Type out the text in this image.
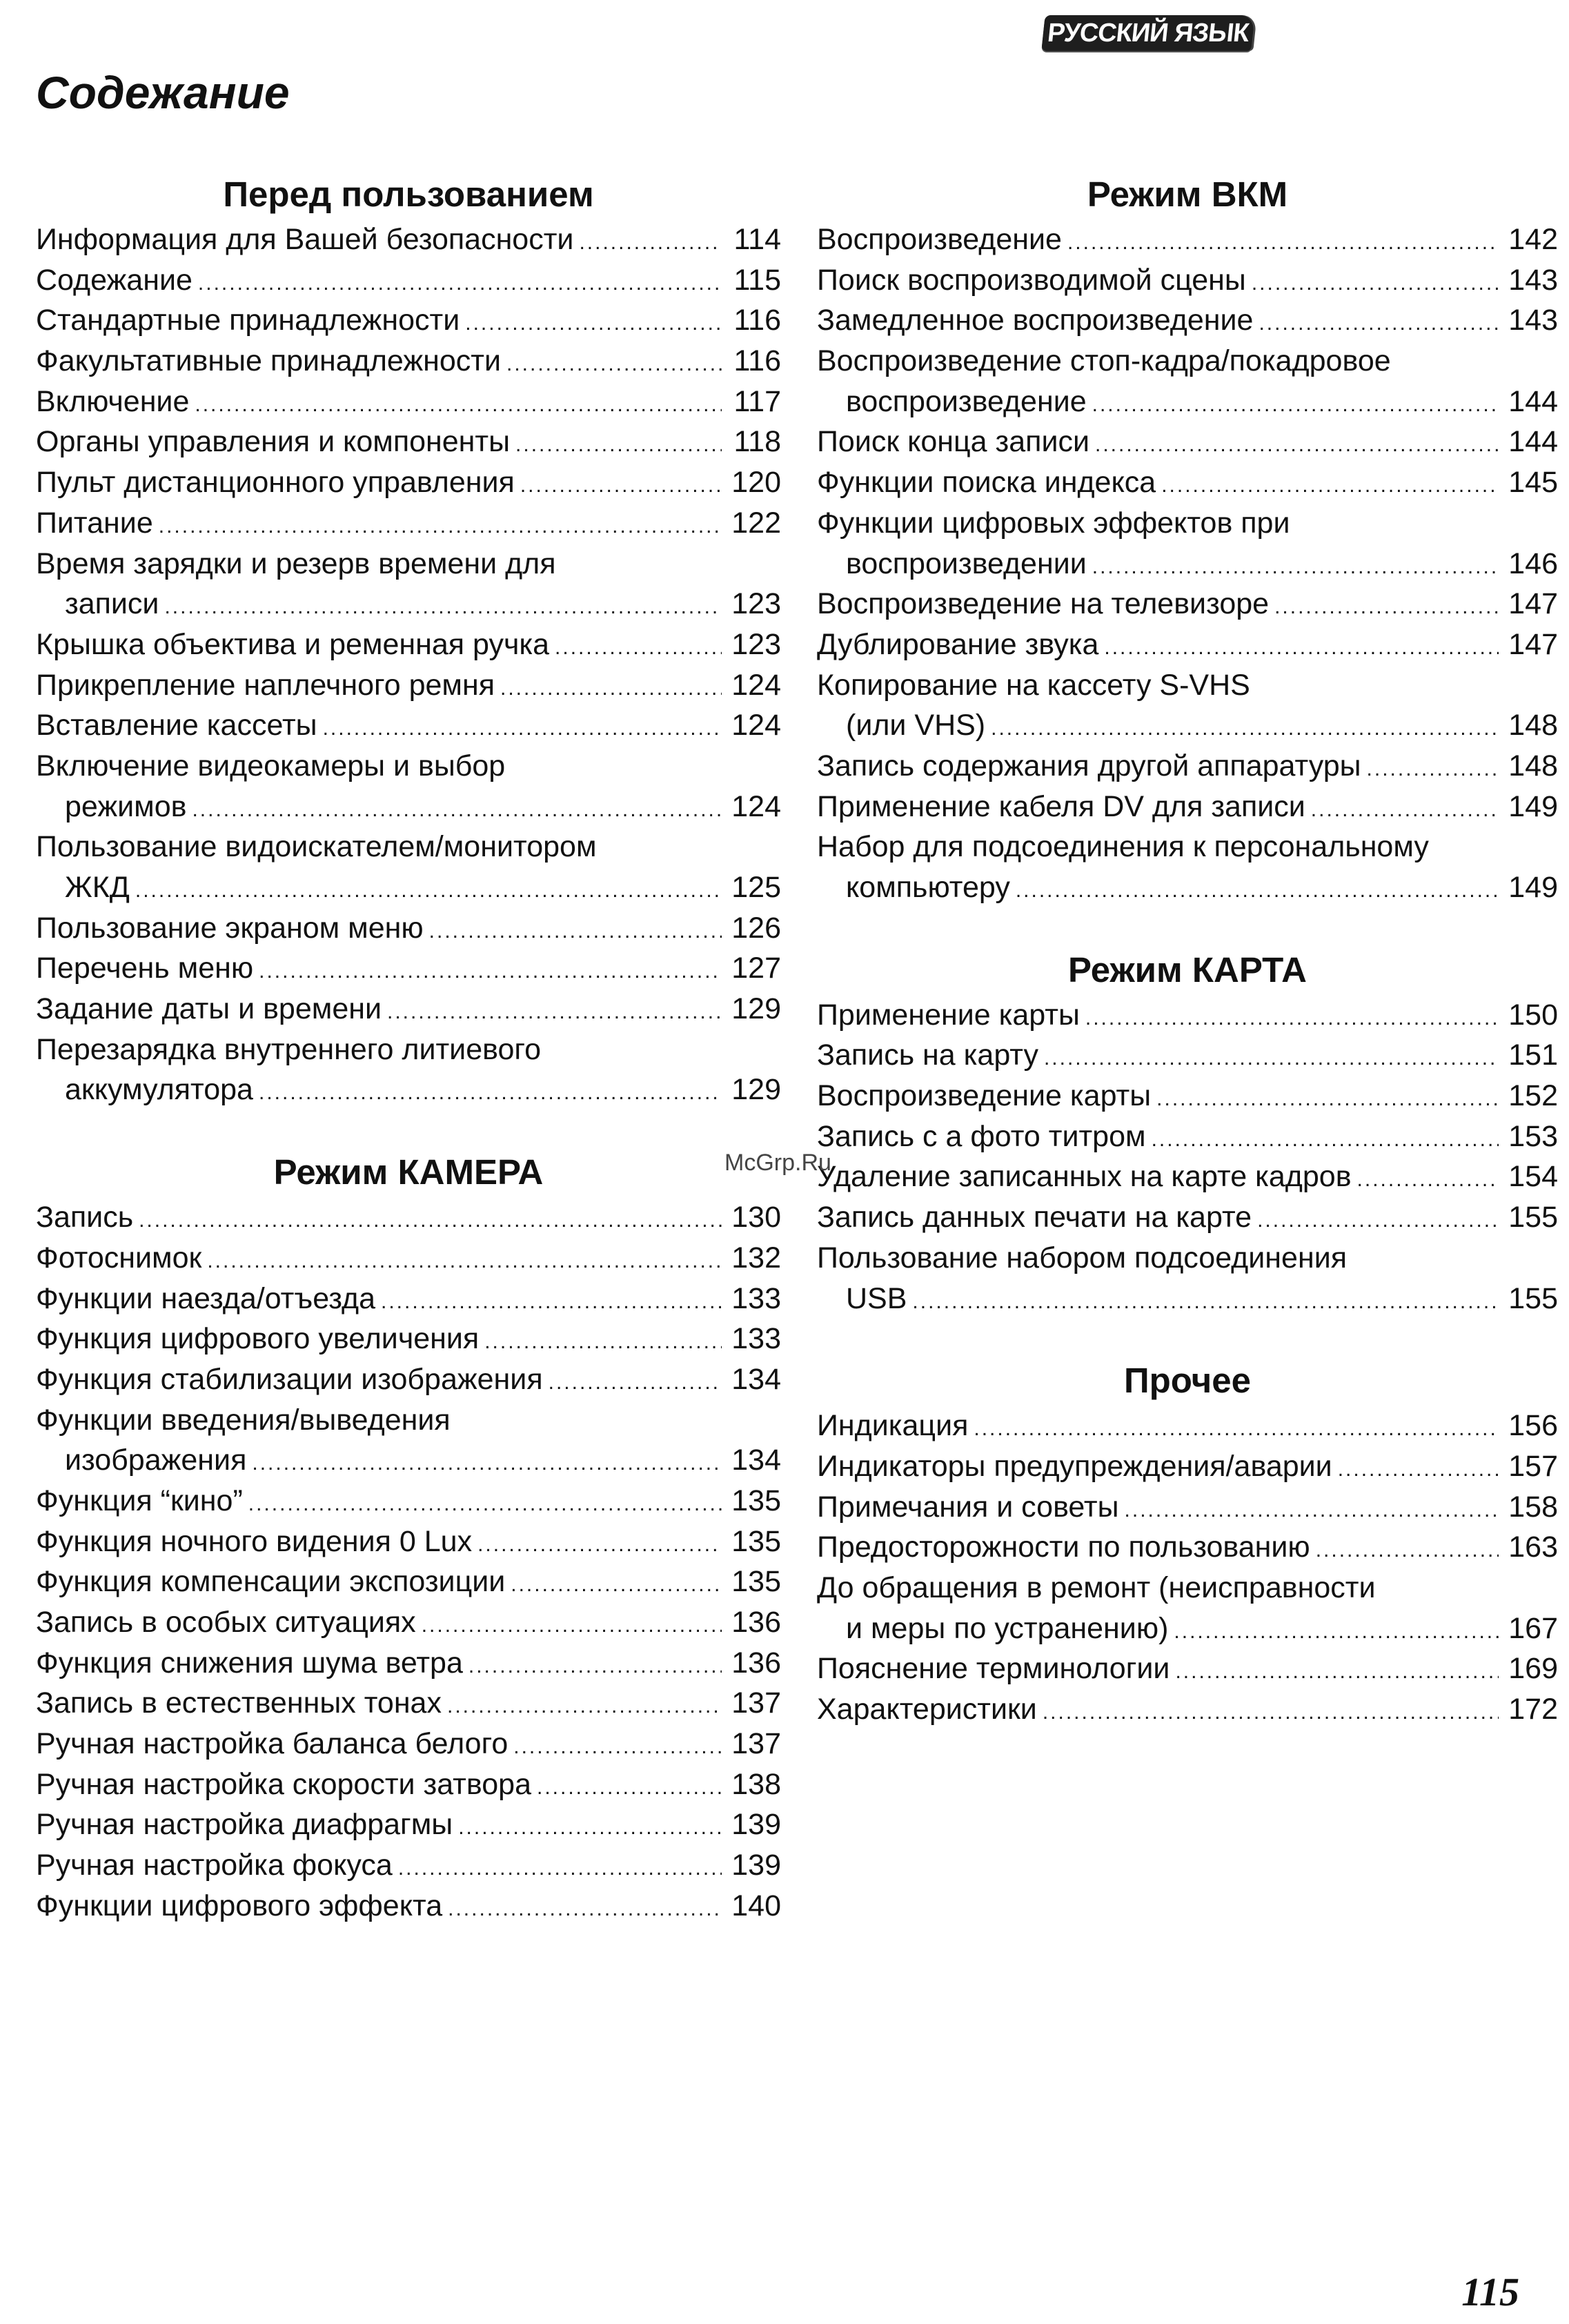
РУССКИЙ ЯЗЫК
Содежание
Перед пользованием
Информация для Вашей безопасности .....	114
Содежание .....	115
Стандартные принадлежности .....	116
Факультативные принадлежности .....	116
Включение .....	117
Органы управления и компоненты .....	118
Пульт дистанционного управления .....	120
Питание .....	122
Время зарядки и резерв времени для
записи .....	123
Крышка объектива и ременная ручка .....	123
Прикрепление наплечного ремня .....	124
Вставление кассеты .....	124
Включение видеокамеры и выбор
режимов .....	124
Пользование видоискателем/монитором
ЖКД .....	125
Пользование экраном меню .....	126
Перечень меню .....	127
Задание даты и времени .....	129
Перезарядка внутреннего литиевого
аккумулятора .....	129
Режим КАМЕРА
Запись .....	130
Фотоснимок .....	132
Функции наезда/отъезда .....	133
Функция цифрового увеличения .....	133
Функция стабилизации изображения .....	134
Функции введения/выведения
изображения .....	134
Функция “кино” .....	135
Функция ночного видения 0 Lux .....	135
Функция компенсации экспозиции .....	135
Запись в особых ситуациях .....	136
Функция снижения шума ветра .....	136
Запись в естественных тонах .....	137
Ручная настройка баланса белого .....	137
Ручная настройка скорости затвора .....	138
Ручная настройка диафрагмы .....	139
Ручная настройка фокуса .....	139
Функции цифрового эффекта .....	140
Режим ВКМ
Воспроизведение .....	142
Поиск воспроизводимой сцены .....	143
Замедленное воспроизведение .....	143
Воспроизведение стоп-кадра/покадровое
воспроизведение .....	144
Поиск конца записи .....	144
Функции поиска индекса .....	145
Функции цифровых эффектов при
воспроизведении .....	146
Воспроизведение на телевизоре .....	147
Дублирование звука .....	147
Копирование на кассету S-VHS
(или VHS) .....	148
Запись содержания другой аппаратуры .....	148
Применение кабеля DV для записи .....	149
Набор для подсоединения к персональному
компьютеру .....	149
Режим КАРТА
Применение карты .....	150
Запись на карту .....	151
Воспроизведение карты .....	152
Запись с а фото титром .....	153
Удаление записанных на карте кадров .....	154
Запись данных печати на карте .....	155
Пользование набором подсоединения
USB .....	155
Прочее
Индикация .....	156
Индикаторы предупреждения/аварии .....	157
Примечания и советы .....	158
Предосторожности по пользованию .....	163
До обращения в ремонт (неисправности
и меры по устранению) .....	167
Пояснение терминологии .....	169
Характеристики .....	172
McGrp.Ru
115
